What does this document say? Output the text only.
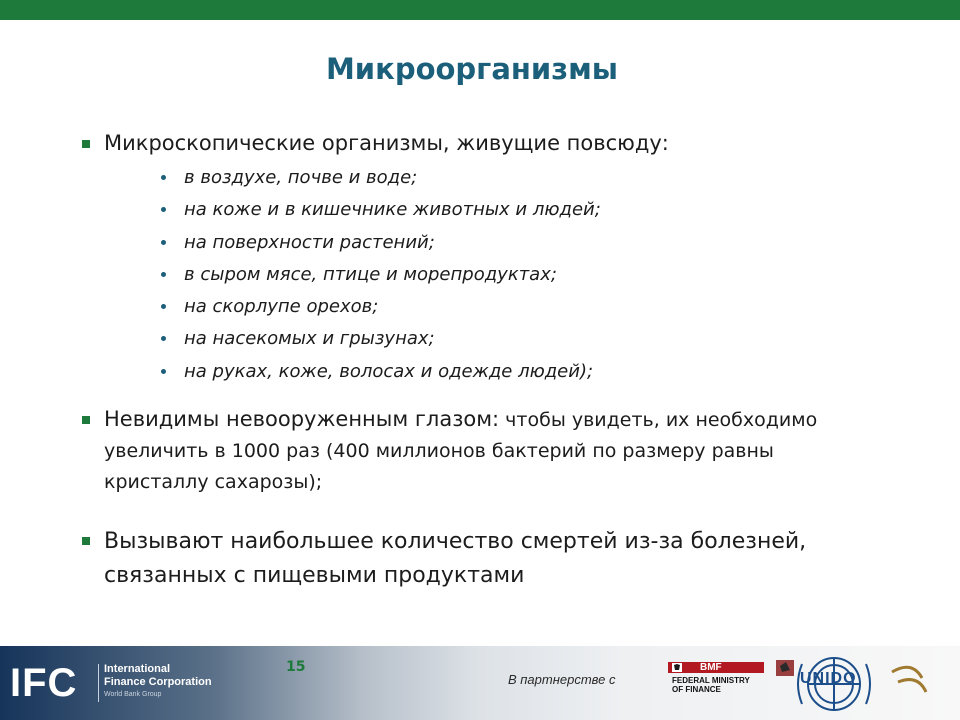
Микроорганизмы
Микроскопические организмы, живущие повсюду:
в воздухе, почве и воде;
на коже и в кишечнике животных и людей;
на поверхности растений;
в сыром мясе, птице и морепродуктах;
на скорлупе орехов;
на насекомых и грызунах;
на руках, коже, волосах и одежде людей);
Невидимы невооруженным глазом: чтобы увидеть, их необходимо увеличить в 1000 раз (400 миллионов бактерий по размеру равны кристаллу сахарозы);
Вызывают наибольшее количество смертей из-за болезней, связанных с пищевыми продуктами
IFC International
Finance Corporation
World Bank Group
15
В партнерстве с
BMF
FEDERAL MINISTRY
OF FINANCE
UNIDO
